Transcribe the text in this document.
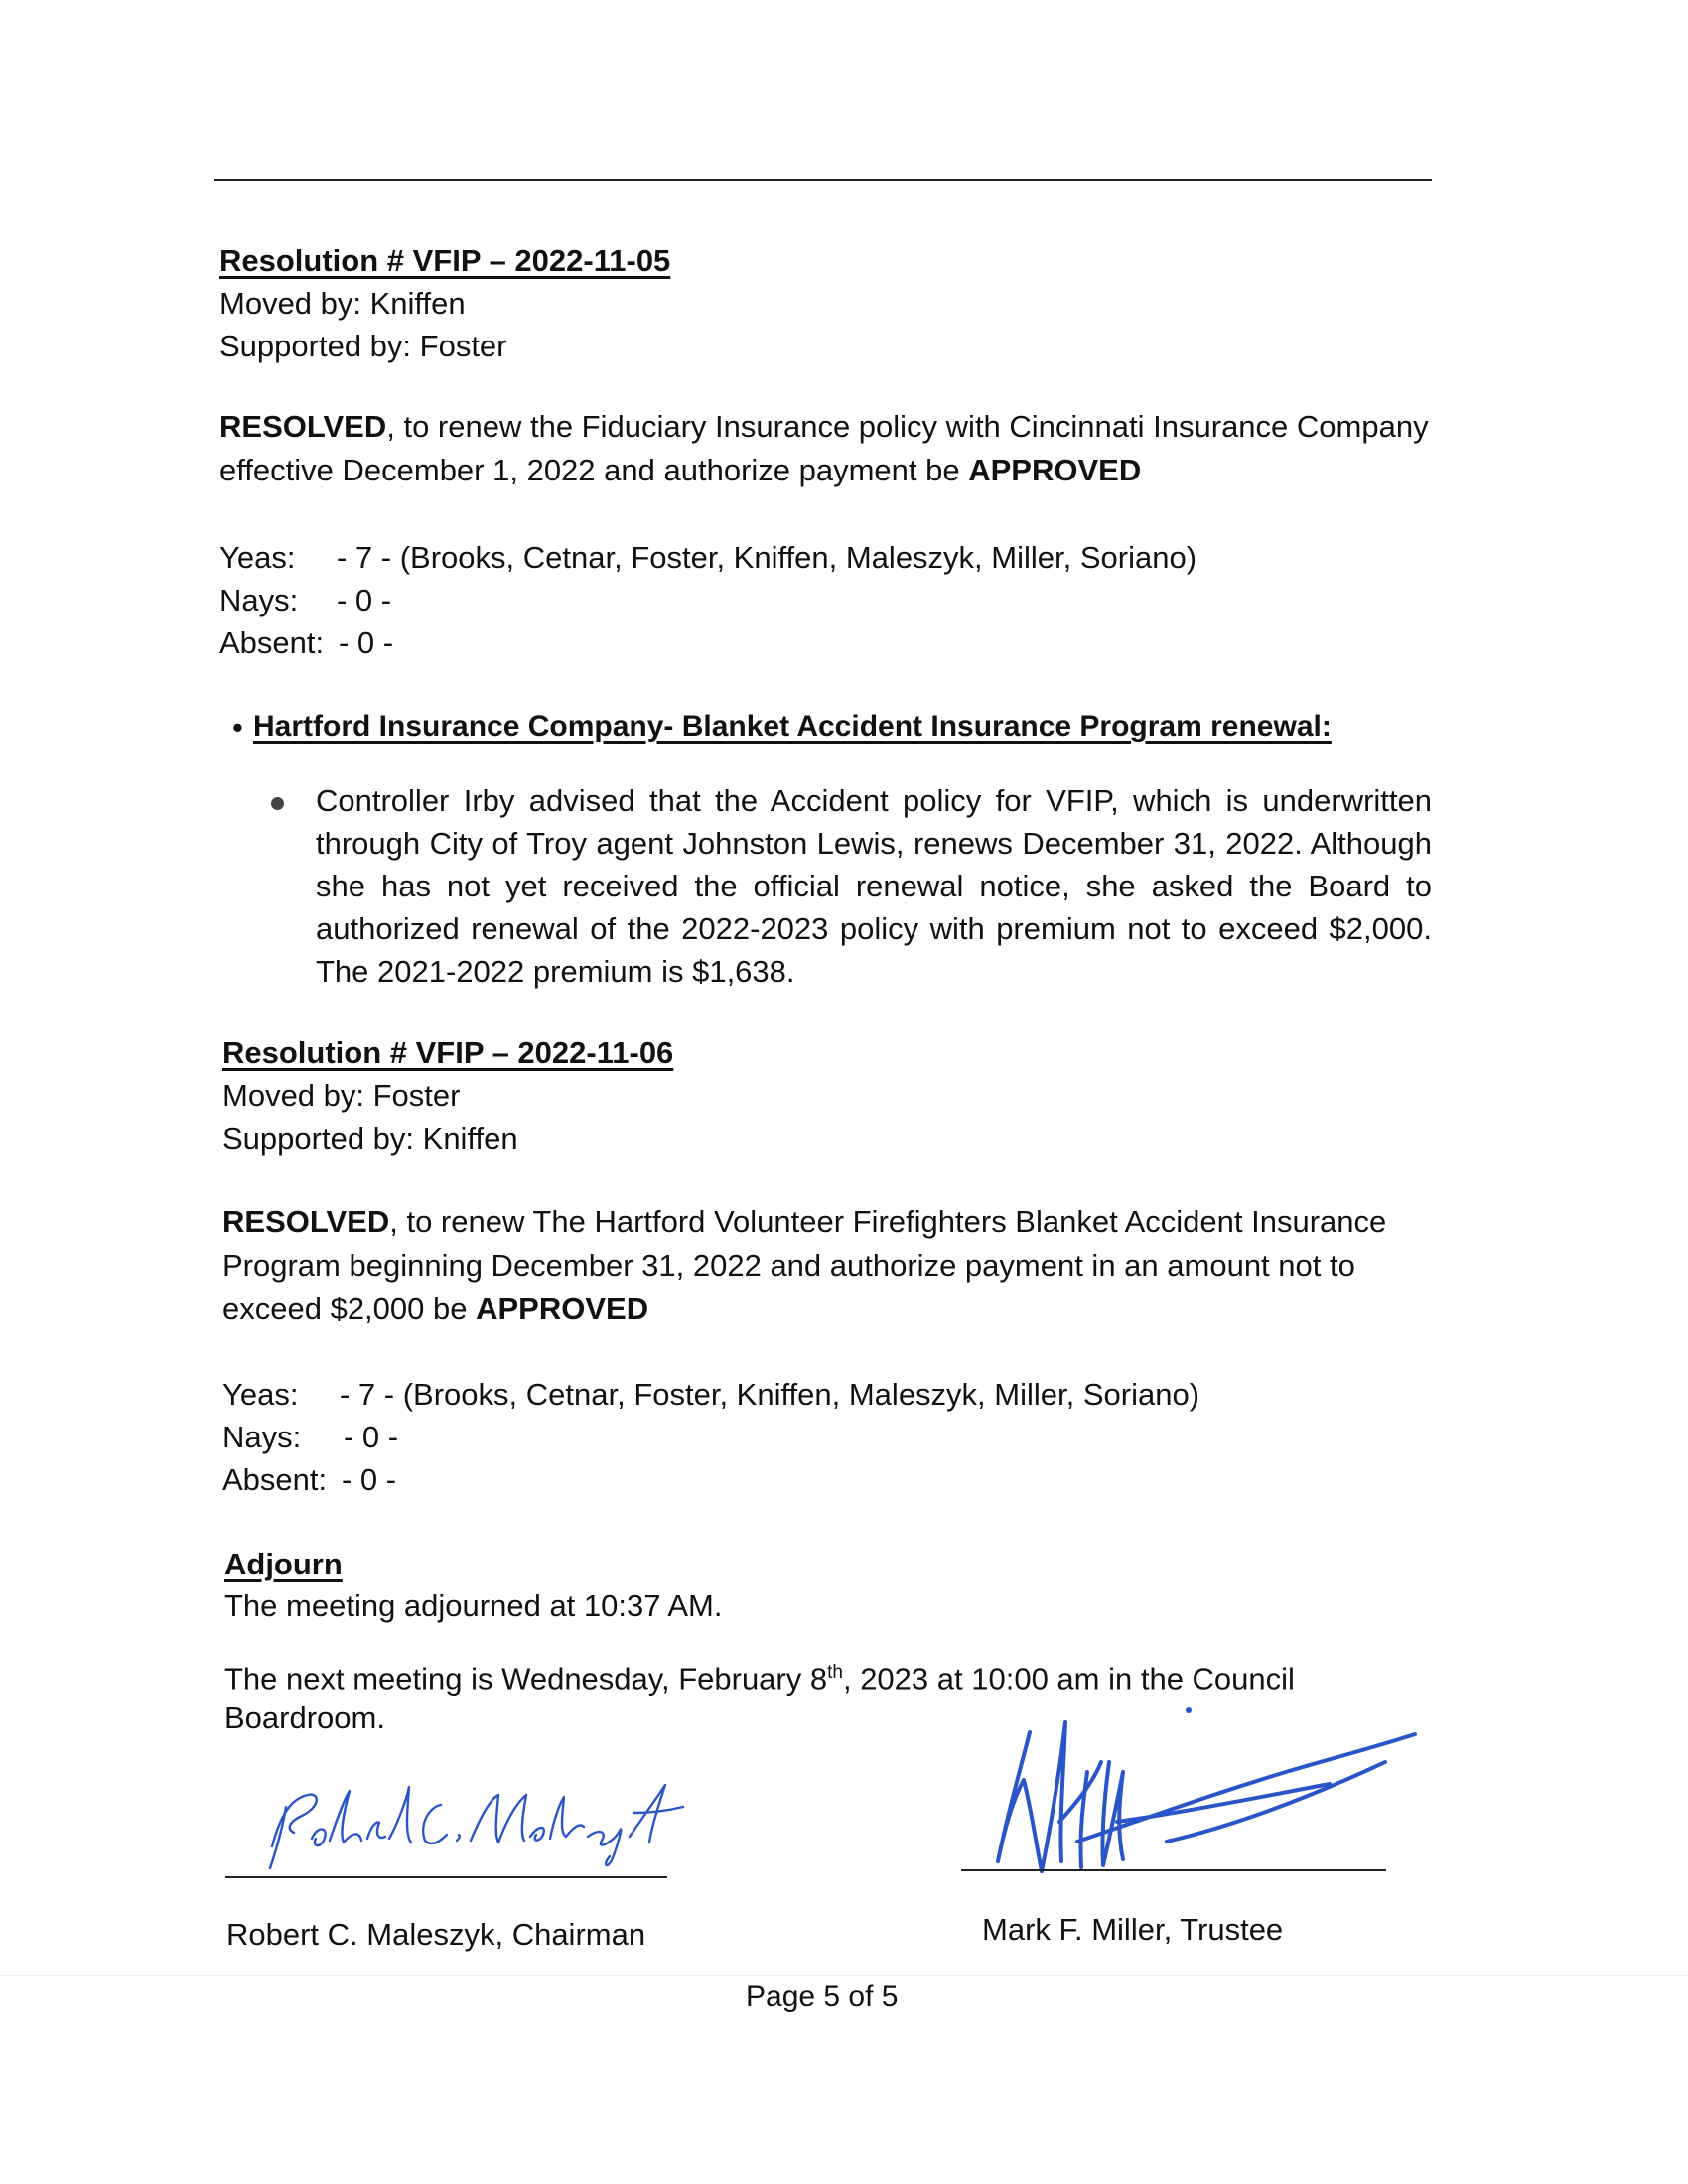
Resolution # VFIP – 2022-11-05
Moved by: Kniffen
Supported by: Foster
RESOLVED, to renew the Fiduciary Insurance policy with Cincinnati Insurance Company effective December 1, 2022 and authorize payment be APPROVED
Yeas: - 7 - (Brooks, Cetnar, Foster, Kniffen, Maleszyk, Miller, Soriano)
Nays: - 0 -
Absent: - 0 -
• Hartford Insurance Company- Blanket Accident Insurance Program renewal:
Controller Irby advised that the Accident policy for VFIP, which is underwritten through City of Troy agent Johnston Lewis, renews December 31, 2022. Although she has not yet received the official renewal notice, she asked the Board to authorized renewal of the 2022-2023 policy with premium not to exceed $2,000. The 2021-2022 premium is $1,638.
Resolution # VFIP – 2022-11-06
Moved by: Foster
Supported by: Kniffen
RESOLVED, to renew The Hartford Volunteer Firefighters Blanket Accident Insurance Program beginning December 31, 2022 and authorize payment in an amount not to exceed $2,000 be APPROVED
Yeas: - 7 - (Brooks, Cetnar, Foster, Kniffen, Maleszyk, Miller, Soriano)
Nays: - 0 -
Absent: - 0 -
Adjourn
The meeting adjourned at 10:37 AM.
The next meeting is Wednesday, February 8th, 2023 at 10:00 am in the Council Boardroom.
Robert C. Maleszyk, Chairman	Mark F. Miller, Trustee
Page 5 of 5
